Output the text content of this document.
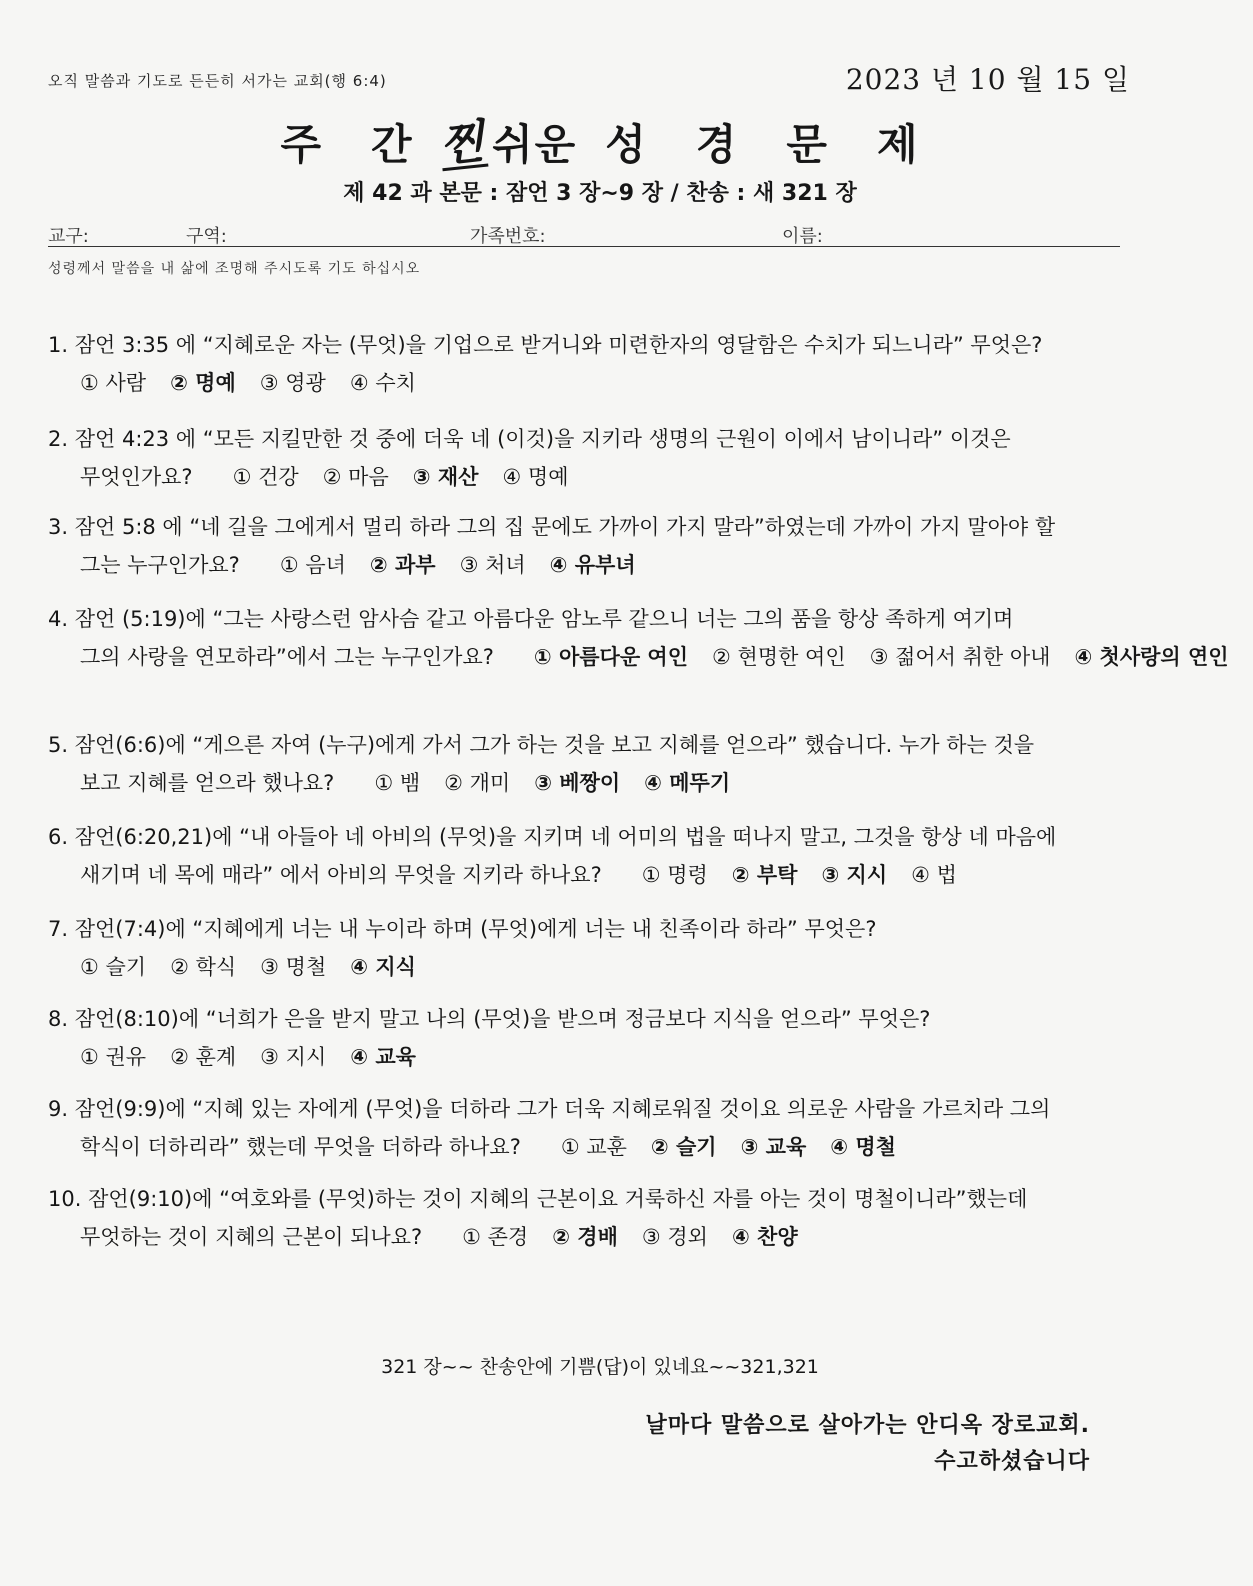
오직 말씀과 기도로 든든히 서가는 교회(행 6:4)	2023 년 10 월 15 일
주 간 찐쉬운 성 경 문 제
제 42 과 본문 : 잠언 3 장~9 장 / 찬송 : 새 321 장
교구:	구역:	가족번호:	이름:
성령께서 말씀을 내 삶에 조명해 주시도록 기도 하십시오
1. 잠언 3:35 에 “지혜로운 자는 (무엇)을 기업으로 받거니와 미련한자의 영달함은 수치가 되느니라” 무엇은?
① 사람 ② 명예 ③ 영광 ④ 수치
2. 잠언 4:23 에 “모든 지킬만한 것 중에 더욱 네 (이것)을 지키라 생명의 근원이 이에서 남이니라” 이것은
무엇인가요? ① 건강 ② 마음 ③ 재산 ④ 명예
3. 잠언 5:8 에 “네 길을 그에게서 멀리 하라 그의 집 문에도 가까이 가지 말라”하였는데 가까이 가지 말아야 할
그는 누구인가요? ① 음녀 ② 과부 ③ 처녀 ④ 유부녀
4. 잠언 (5:19)에 “그는 사랑스런 암사슴 같고 아름다운 암노루 같으니 너는 그의 품을 항상 족하게 여기며
그의 사랑을 연모하라”에서 그는 누구인가요? ① 아름다운 여인 ② 현명한 여인 ③ 젊어서 취한 아내 ④ 첫사랑의 연인
5. 잠언(6:6)에 “게으른 자여 (누구)에게 가서 그가 하는 것을 보고 지혜를 얻으라” 했습니다. 누가 하는 것을
보고 지혜를 얻으라 했나요? ① 뱀 ② 개미 ③ 베짱이 ④ 메뚜기
6. 잠언(6:20,21)에 “내 아들아 네 아비의 (무엇)을 지키며 네 어미의 법을 떠나지 말고, 그것을 항상 네 마음에
새기며 네 목에 매라” 에서 아비의 무엇을 지키라 하나요? ① 명령 ② 부탁 ③ 지시 ④ 법
7. 잠언(7:4)에 “지혜에게 너는 내 누이라 하며 (무엇)에게 너는 내 친족이라 하라” 무엇은?
① 슬기 ② 학식 ③ 명철 ④ 지식
8. 잠언(8:10)에 “너희가 은을 받지 말고 나의 (무엇)을 받으며 정금보다 지식을 얻으라” 무엇은?
① 권유 ② 훈계 ③ 지시 ④ 교육
9. 잠언(9:9)에 “지혜 있는 자에게 (무엇)을 더하라 그가 더욱 지혜로워질 것이요 의로운 사람을 가르치라 그의
학식이 더하리라” 했는데 무엇을 더하라 하나요? ① 교훈 ② 슬기 ③ 교육 ④ 명철
10. 잠언(9:10)에 “여호와를 (무엇)하는 것이 지혜의 근본이요 거룩하신 자를 아는 것이 명철이니라”했는데
무엇하는 것이 지혜의 근본이 되나요? ① 존경 ② 경배 ③ 경외 ④ 찬양
321 장~~ 찬송안에 기쁨(답)이 있네요~~321,321
날마다 말씀으로 살아가는 안디옥 장로교회.
수고하셨습니다
